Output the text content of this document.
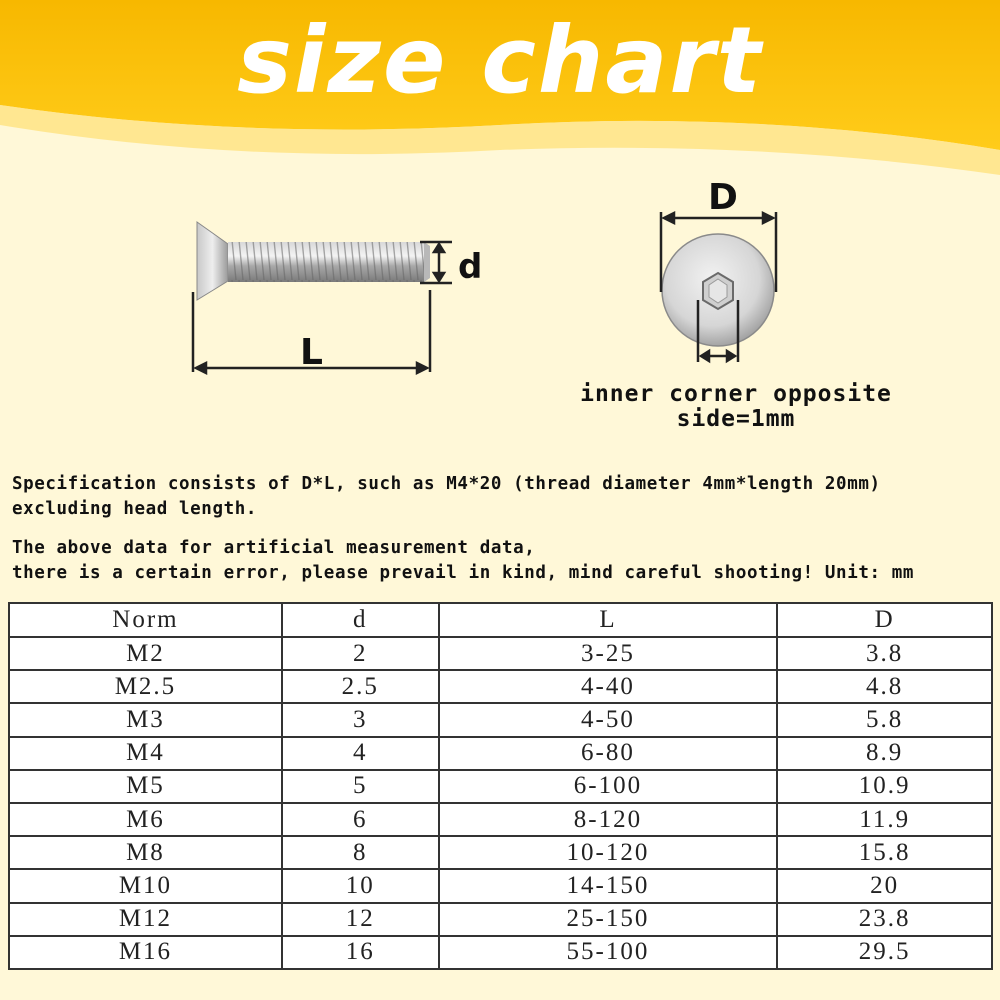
size chart
d
L
D
inner corner opposite
side=1mm
Specification consists of D*L, such as M4*20 (thread diameter 4mm*length 20mm)
excluding head length.
The above data for artificial measurement data,
there is a certain error, please prevail in kind, mind careful shooting! Unit: mm
Norm	d	L	D
M2	2	3-25	3.8
M2.5	2.5	4-40	4.8
M3	3	4-50	5.8
M4	4	6-80	8.9
M5	5	6-100	10.9
M6	6	8-120	11.9
M8	8	10-120	15.8
M10	10	14-150	20
M12	12	25-150	23.8
M16	16	55-100	29.5
